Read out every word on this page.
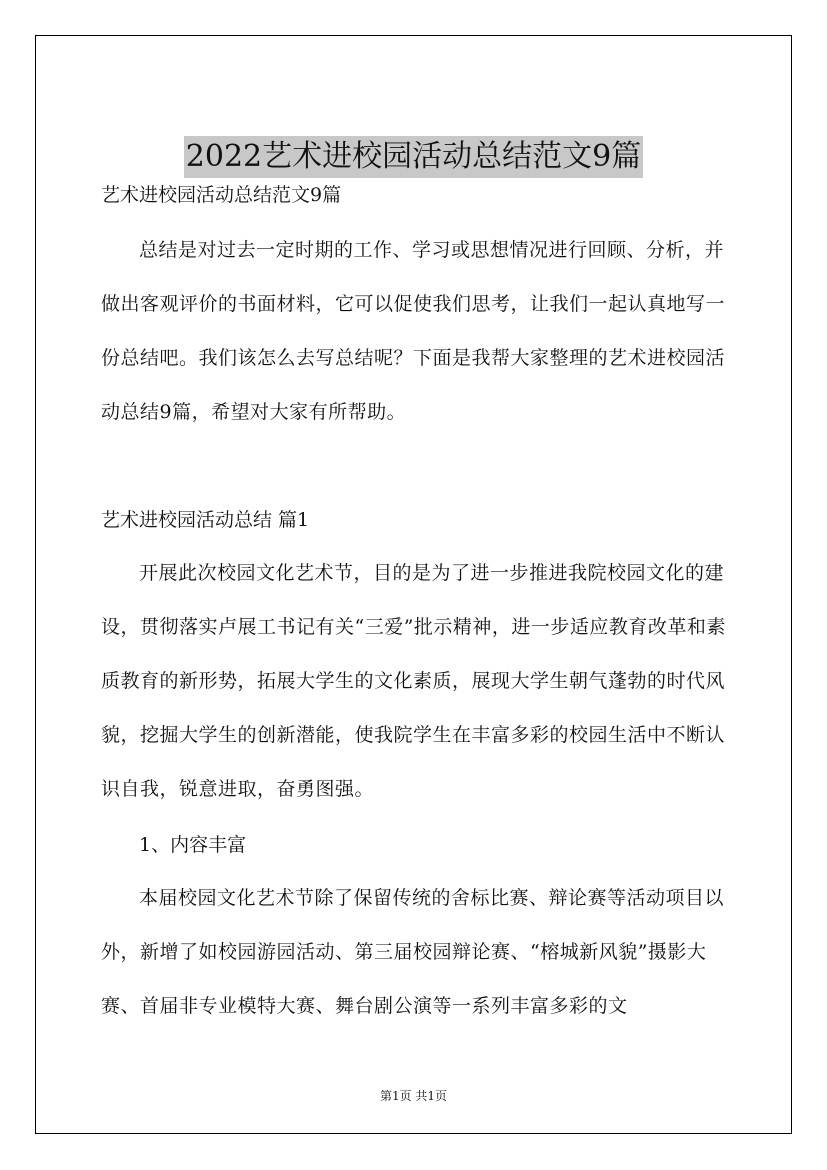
2022艺术进校园活动总结范文9篇

艺术进校园活动总结范文9篇

总结是对过去一定时期的工作、学习或思想情况进行回顾、分析，并做出客观评价的书面材料，它可以促使我们思考，让我们一起认真地写一份总结吧。我们该怎么去写总结呢？下面是我帮大家整理的艺术进校园活动总结9篇，希望对大家有所帮助。

艺术进校园活动总结 篇1

开展此次校园文化艺术节，目的是为了进一步推进我院校园文化的建设，贯彻落实卢展工书记有关“三爱”批示精神，进一步适应教育改革和素质教育的新形势，拓展大学生的文化素质，展现大学生朝气蓬勃的时代风貌，挖掘大学生的创新潜能，使我院学生在丰富多彩的校园生活中不断认识自我，锐意进取，奋勇图强。

1、内容丰富

本届校园文化艺术节除了保留传统的舍标比赛、辩论赛等活动项目以外，新增了如校园游园活动、第三届校园辩论赛、“榕城新风貌”摄影大赛、首届非专业模特大赛、舞台剧公演等一系列丰富多彩的文

第1页 共1页
